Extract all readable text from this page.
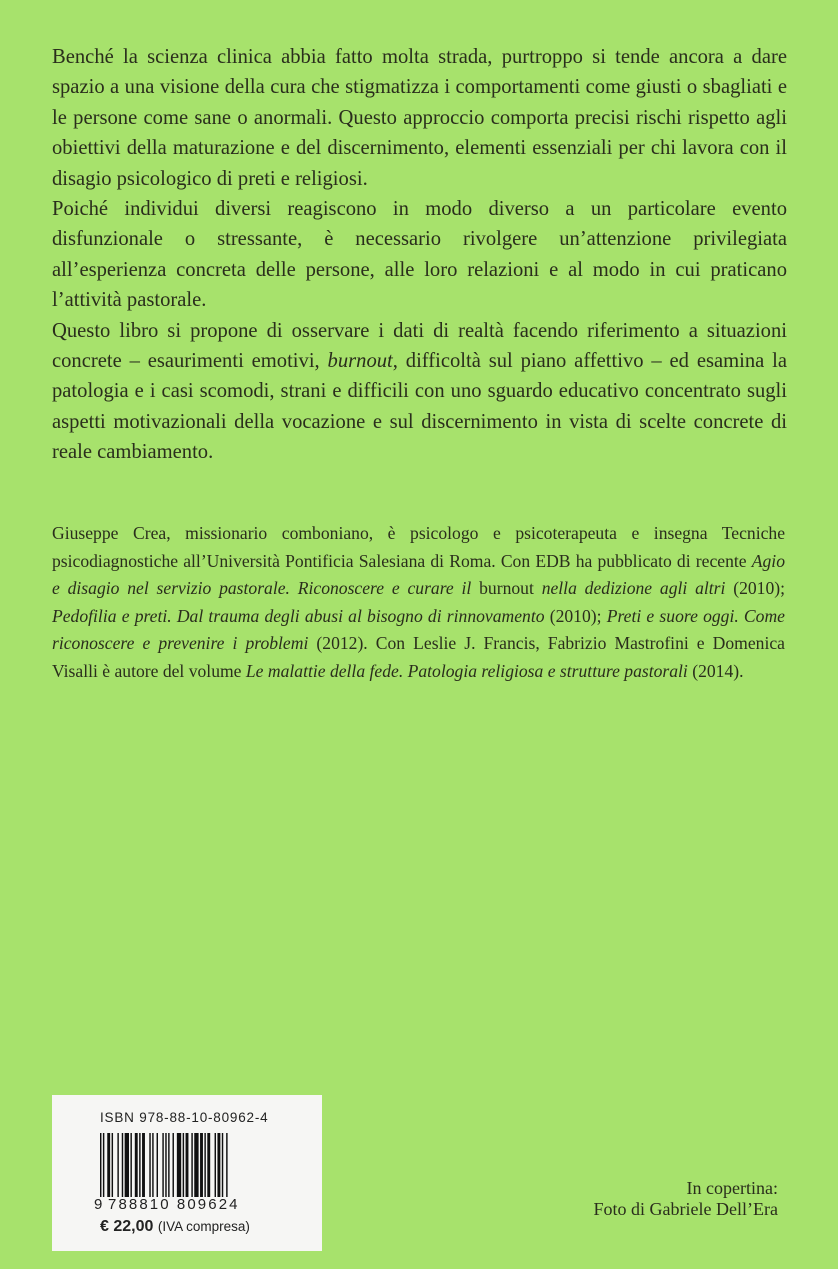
Benché la scienza clinica abbia fatto molta strada, purtroppo si tende ancora a dare spazio a una visione della cura che stigmatizza i comportamenti come giusti o sbagliati e le persone come sane o anormali. Questo approccio comporta precisi rischi rispetto agli obiettivi della maturazione e del discernimento, elementi essenziali per chi lavora con il disagio psicologico di preti e religiosi.

Poiché individui diversi reagiscono in modo diverso a un particolare evento disfunzionale o stressante, è necessario rivolgere un’attenzione privilegiata all’esperienza concreta delle persone, alle loro relazioni e al modo in cui praticano l’attività pastorale.

Questo libro si propone di osservare i dati di realtà facendo riferimento a situazioni concrete – esaurimenti emotivi, burnout, difficoltà sul piano affettivo – ed esamina la patologia e i casi scomodi, strani e difficili con uno sguardo educativo concentrato sugli aspetti motivazionali della vocazione e sul discernimento in vista di scelte concrete di reale cambiamento.

Giuseppe Crea, missionario comboniano, è psicologo e psicoterapeuta e insegna Tecniche psicodiagnostiche all’Università Pontificia Salesiana di Roma. Con EDB ha pubblicato di recente Agio e disagio nel servizio pastorale. Riconoscere e curare il burnout nella dedizione agli altri (2010); Pedofilia e preti. Dal trauma degli abusi al bisogno di rinnovamento (2010); Preti e suore oggi. Come riconoscere e prevenire i problemi (2012). Con Leslie J. Francis, Fabrizio Mastrofini e Domenica Visalli è autore del volume Le malattie della fede. Patologia religiosa e strutture pastorali (2014).

ISBN 978-88-10-80962-4
9 788810 809624
€ 22,00 (IVA compresa)
In copertina:
Foto di Gabriele Dell’Era
